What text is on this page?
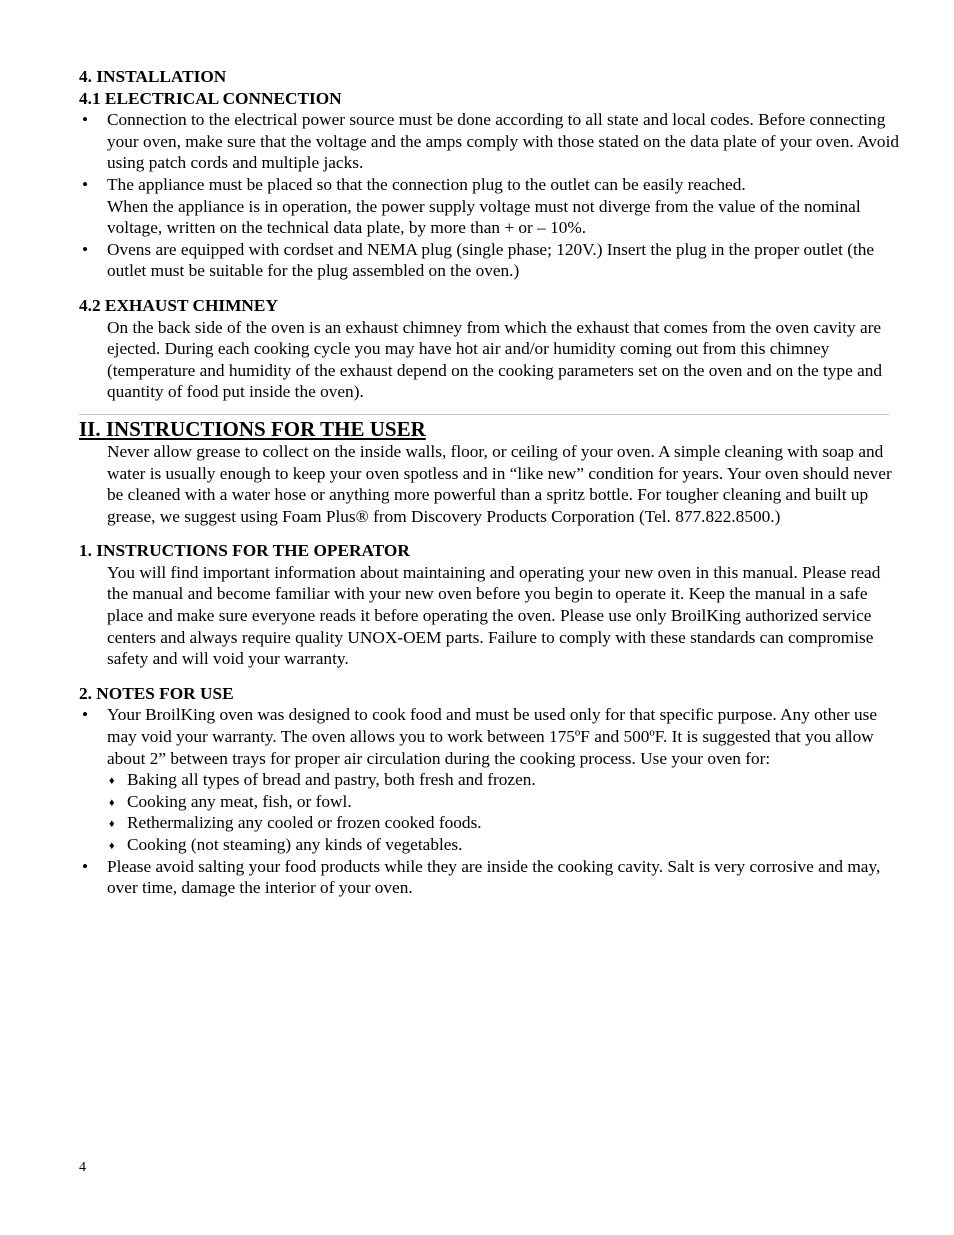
4. INSTALLATION

4.1 ELECTRICAL CONNECTION

• Connection to the electrical power source must be done according to all state and local codes. Before connecting your oven, make sure that the voltage and the amps comply with those stated on the data plate of your oven. Avoid using patch cords and multiple jacks.
• The appliance must be placed so that the connection plug to the outlet can be easily reached.
When the appliance is in operation, the power supply voltage must not diverge from the value of the nominal voltage, written on the technical data plate, by more than + or – 10%.
• Ovens are equipped with cordset and NEMA plug (single phase; 120V.) Insert the plug in the proper outlet (the outlet must be suitable for the plug assembled on the oven.)

4.2 EXHAUST CHIMNEY

On the back side of the oven is an exhaust chimney from which the exhaust that comes from the oven cavity are ejected. During each cooking cycle you may have hot air and/or humidity coming out from this chimney (temperature and humidity of the exhaust depend on the cooking parameters set on the oven and on the type and quantity of food put inside the oven).

II. INSTRUCTIONS FOR THE USER

Never allow grease to collect on the inside walls, floor, or ceiling of your oven. A simple cleaning with soap and water is usually enough to keep your oven spotless and in “like new” condition for years. Your oven should never be cleaned with a water hose or anything more powerful than a spritz bottle. For tougher cleaning and built up grease, we suggest using Foam Plus® from Discovery Products Corporation (Tel. 877.822.8500.)

1. INSTRUCTIONS FOR THE OPERATOR

You will find important information about maintaining and operating your new oven in this manual. Please read the manual and become familiar with your new oven before you begin to operate it. Keep the manual in a safe place and make sure everyone reads it before operating the oven. Please use only BroilKing authorized service centers and always require quality UNOX-OEM parts. Failure to comply with these standards can compromise safety and will void your warranty.

2. NOTES FOR USE

• Your BroilKing oven was designed to cook food and must be used only for that specific purpose. Any other use may void your warranty. The oven allows you to work between 175ºF and 500ºF. It is suggested that you allow about 2” between trays for proper air circulation during the cooking process. Use your oven for:
♦ Baking all types of bread and pastry, both fresh and frozen.
♦ Cooking any meat, fish, or fowl.
♦ Rethermalizing any cooled or frozen cooked foods.
♦ Cooking (not steaming) any kinds of vegetables.
• Please avoid salting your food products while they are inside the cooking cavity. Salt is very corrosive and may, over time, damage the interior of your oven.
4
